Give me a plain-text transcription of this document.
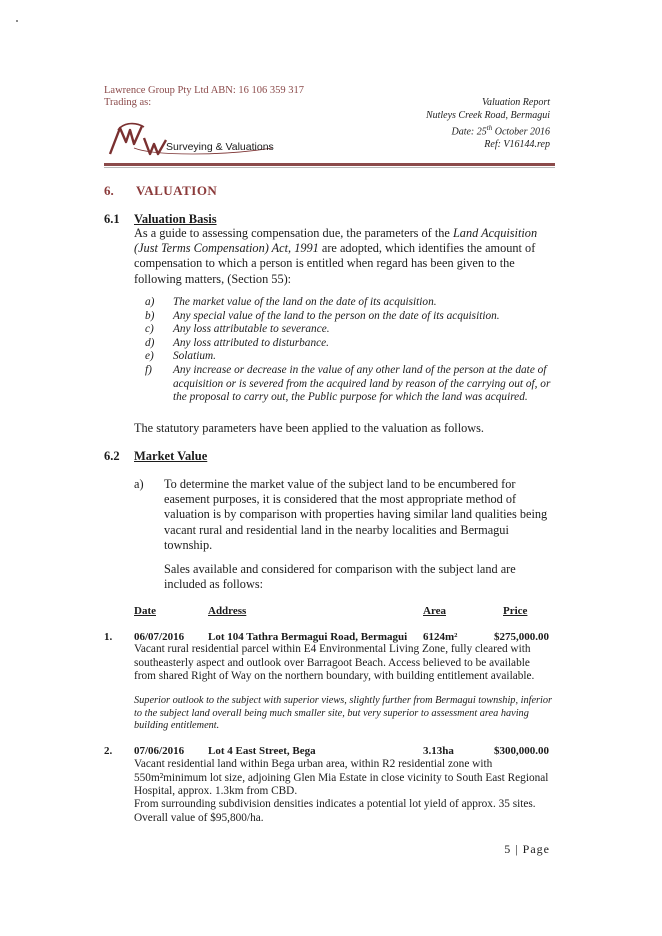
Lawrence Group Pty Ltd ABN: 16 106 359 317
Trading as:
Surveying & Valuations
Valuation Report
Nutleys Creek Road, Bermagui
Date: 25th October 2016
Ref: V16144.rep
6. VALUATION
6.1 Valuation Basis
As a guide to assessing compensation due, the parameters of the Land Acquisition (Just Terms Compensation) Act, 1991 are adopted, which identifies the amount of compensation to which a person is entitled when regard has been given to the following matters, (Section 55):
a)	The market value of the land on the date of its acquisition.
b)	Any special value of the land to the person on the date of its acquisition.
c)	Any loss attributable to severance.
d)	Any loss attributed to disturbance.
e)	Solatium.
f)	Any increase or decrease in the value of any other land of the person at the date of acquisition or is severed from the acquired land by reason of the carrying out of, or the proposal to carry out, the Public purpose for which the land was acquired.
The statutory parameters have been applied to the valuation as follows.
6.2 Market Value
a) To determine the market value of the subject land to be encumbered for easement purposes, it is considered that the most appropriate method of valuation is by comparison with properties having similar land qualities being vacant rural and residential land in the nearby localities and Bermagui township.
Sales available and considered for comparison with the subject land are included as follows:
Date	Address	Area	Price
1. 06/07/2016 Lot 104 Tathra Bermagui Road, Bermagui 6124m²	$275,000.00
Vacant rural residential parcel within E4 Environmental Living Zone, fully cleared with southeasterly aspect and outlook over Barragoot Beach. Access believed to be available from shared Right of Way on the northern boundary, with building entitlement available.
Superior outlook to the subject with superior views, slightly further from Bermagui township, inferior to the subject land overall being much smaller site, but very superior to assessment area having building entitlement.
2. 07/06/2016 Lot 4 East Street, Bega	3.13ha	$300,000.00
Vacant residential land within Bega urban area, within R2 residential zone with 550m²minimum lot size, adjoining Glen Mia Estate in close vicinity to South East Regional Hospital, approx. 1.3km from CBD.
From surrounding subdivision densities indicates a potential lot yield of approx. 35 sites. Overall value of $95,800/ha.
5 | Page
